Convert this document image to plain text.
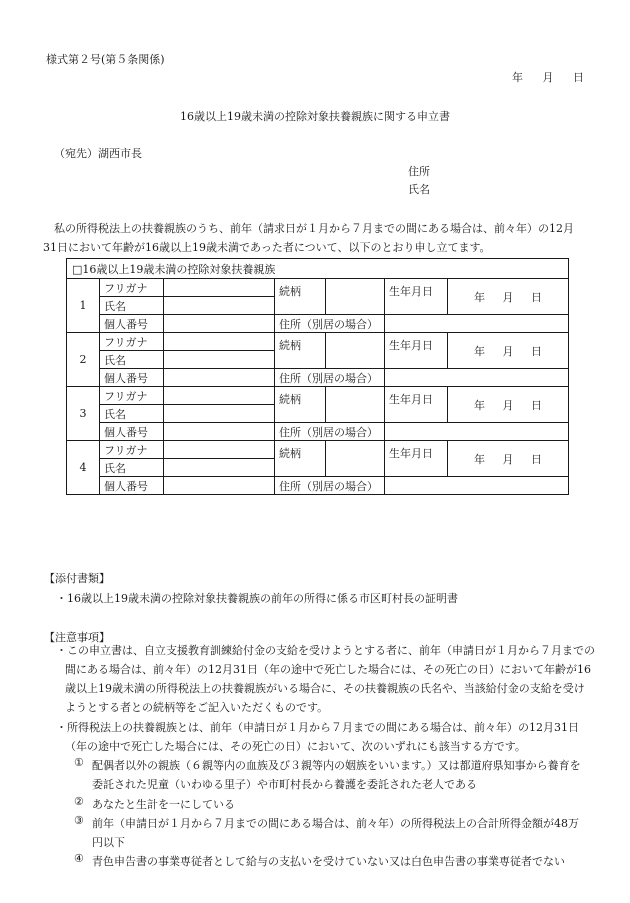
様式第２号(第５条関係)
年 月 日
16歳以上19歳未満の控除対象扶養親族に関する申立書
（宛先）湖西市長
住所
氏名
私の所得税法上の扶養親族のうち、前年（請求日が１月から７月までの間にある場合は、前々年）の12月31日において年齢が16歳以上19歳未満であった者について、以下のとおり申し立てます。
□16歳以上19歳未満の控除対象扶養親族						
1	フリガナ		続柄		生年月日	年 月 日
	氏名					
	個人番号		住所（別居の場合）			
2	フリガナ		続柄		生年月日	年 月 日
	氏名					
	個人番号		住所（別居の場合）			
3	フリガナ		続柄		生年月日	年 月 日
	氏名					
	個人番号		住所（別居の場合）			
4	フリガナ		続柄		生年月日	年 月 日
	氏名					
	個人番号		住所（別居の場合）			
【添付書類】
・16歳以上19歳未満の控除対象扶養親族の前年の所得に係る市区町村長の証明書
【注意事項】
・この申立書は、自立支援教育訓練給付金の支給を受けようとする者に、前年（申請日が１月から７月までの間にある場合は、前々年）の12月31日（年の途中で死亡した場合には、その死亡の日）において年齢が16歳以上19歳未満の所得税法上の扶養親族がいる場合に、その扶養親族の氏名や、当該給付金の支給を受けようとする者との続柄等をご記入いただくものです。
・所得税法上の扶養親族とは、前年（申請日が１月から７月までの間にある場合は、前々年）の12月31日（年の途中で死亡した場合には、その死亡の日）において、次のいずれにも該当する方です。
① 配偶者以外の親族（６親等内の血族及び３親等内の姻族をいいます。）又は都道府県知事から養育を委託された児童（いわゆる里子）や市町村長から養護を委託された老人である
② あなたと生計を一にしている
③ 前年（申請日が１月から７月までの間にある場合は、前々年）の所得税法上の合計所得金額が48万円以下
④ 青色申告書の事業専従者として給与の支払いを受けていない又は白色申告書の事業専従者でない
